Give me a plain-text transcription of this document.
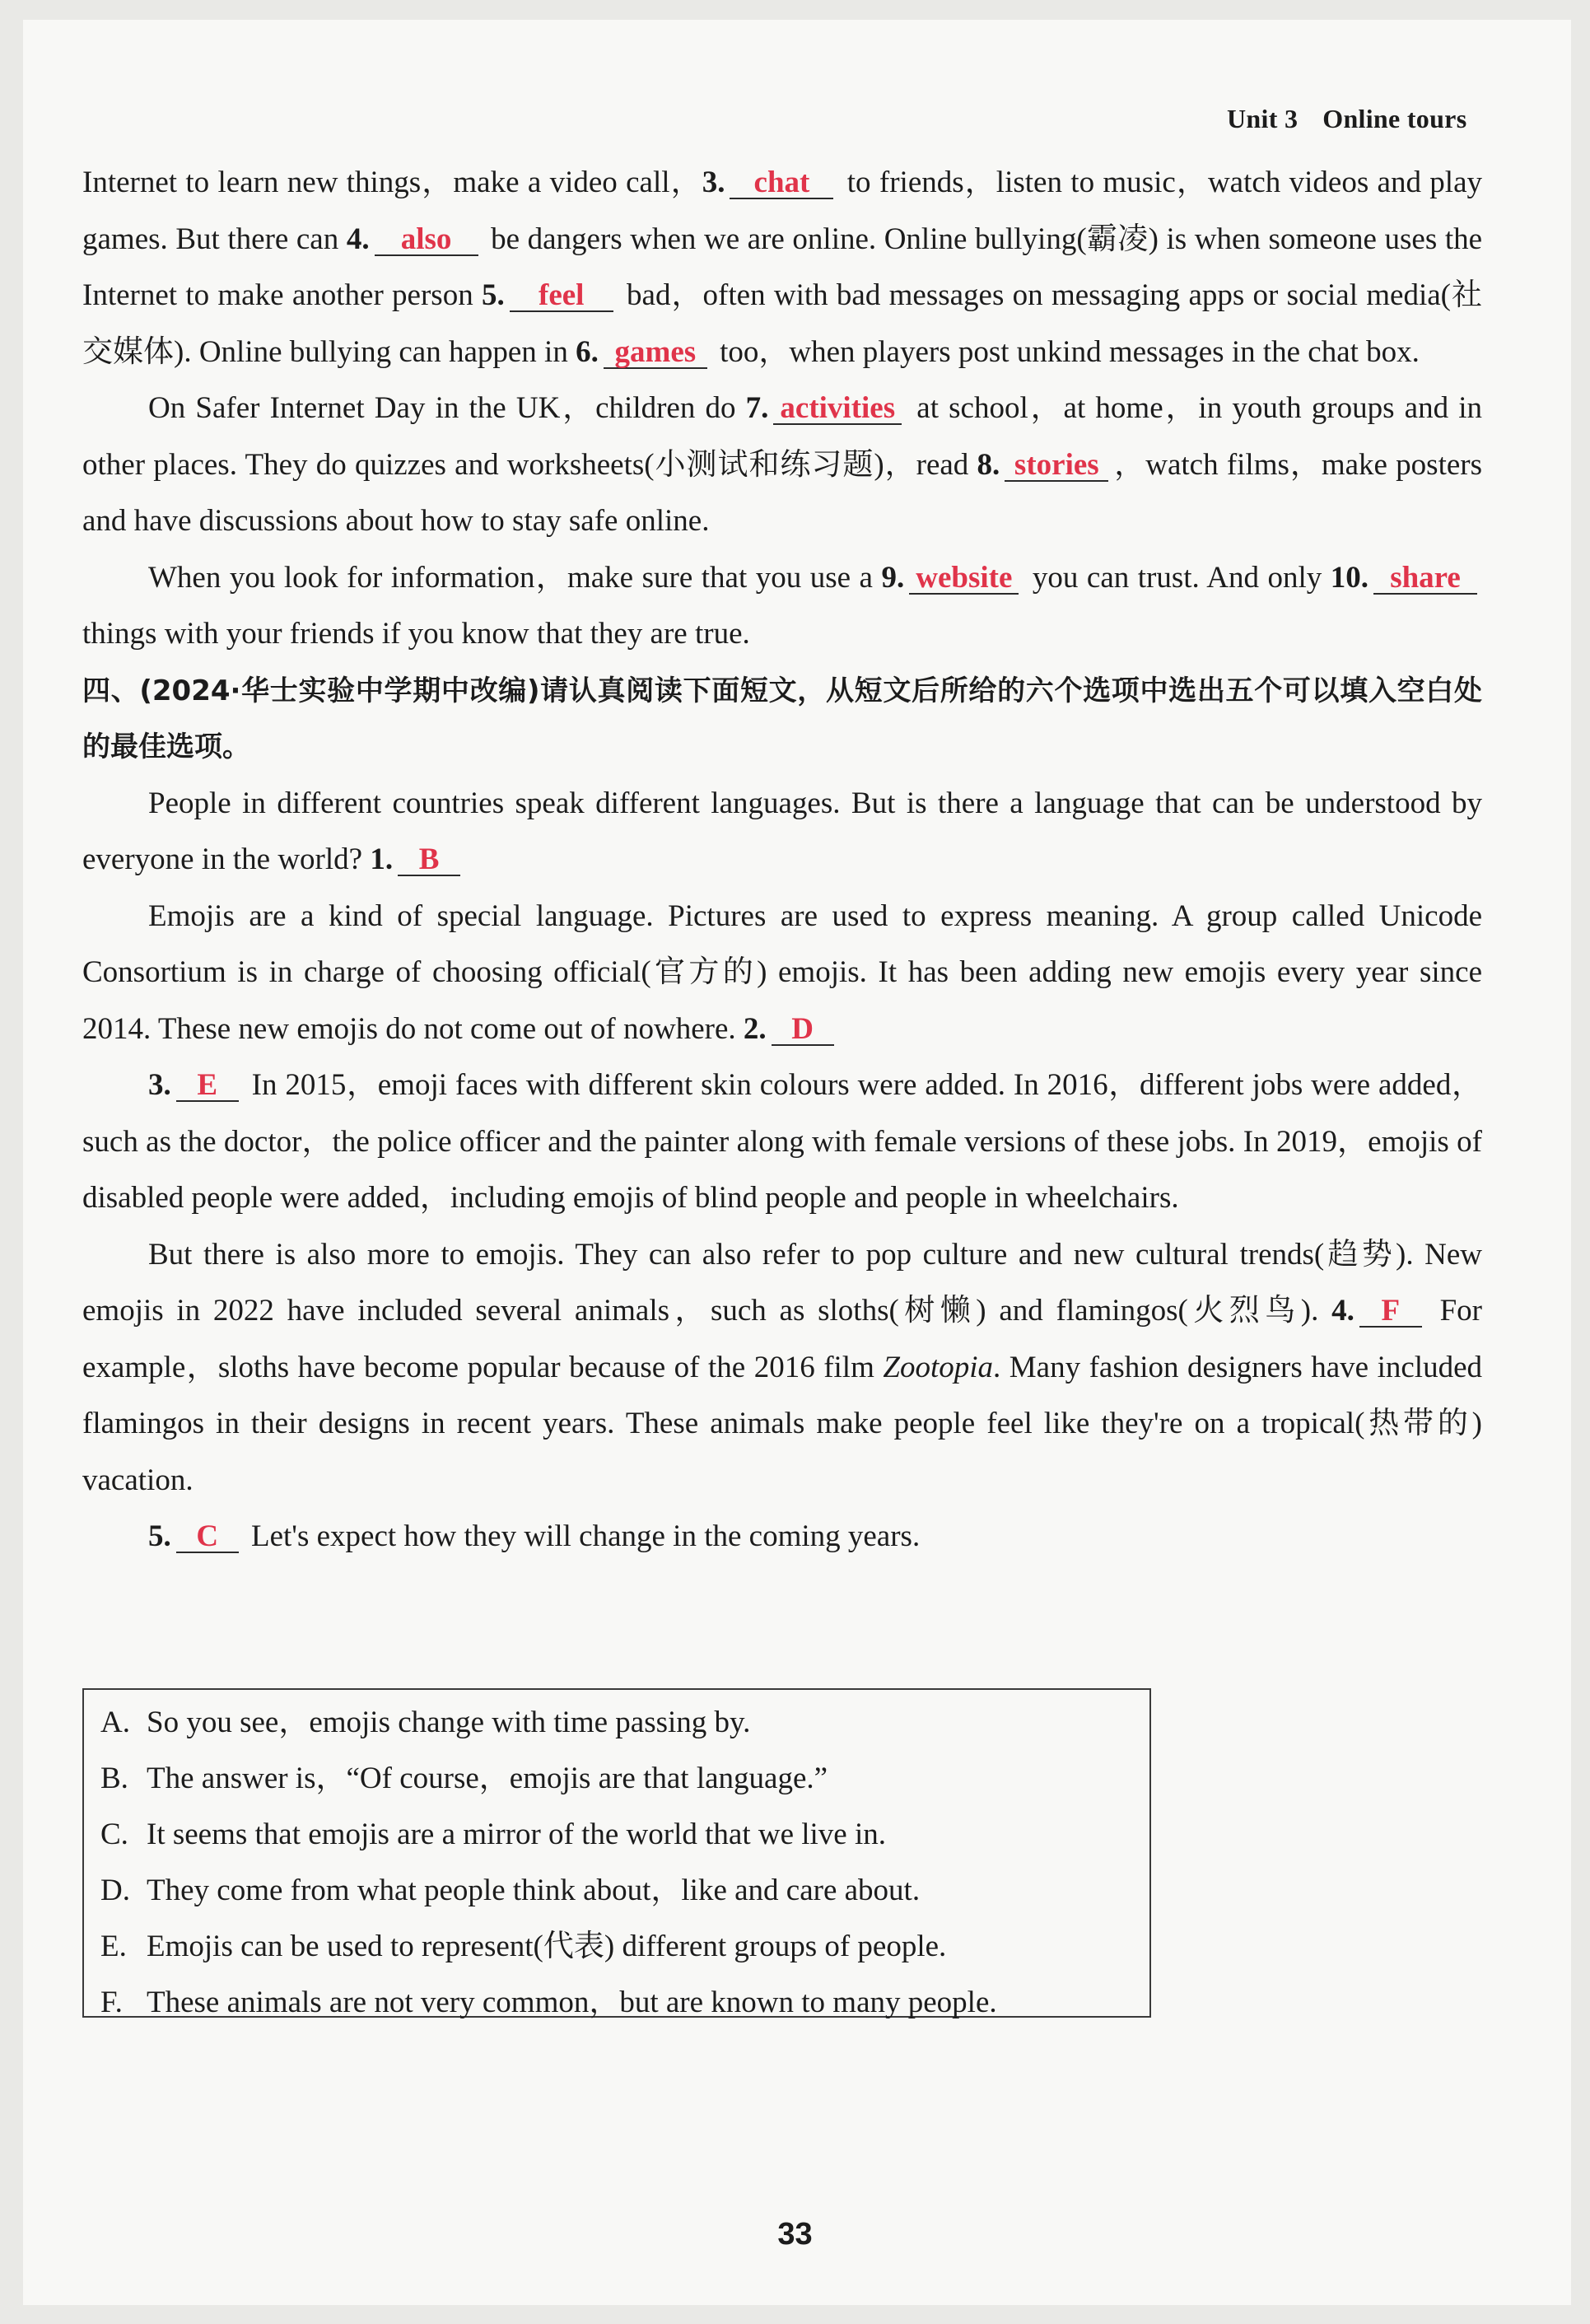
Unit 3 Online tours

Internet to learn new things，make a video call，3. chat to friends，listen to music，watch videos and play games. But there can 4. also be dangers when we are online. Online bullying(霸凌) is when someone uses the Internet to make another person 5. feel bad，often with bad messages on messaging apps or social media(社交媒体). Online bullying can happen in 6. games too，when players post unkind messages in the chat box.

On Safer Internet Day in the UK，children do 7. activities at school，at home，in youth groups and in other places. They do quizzes and worksheets(小测试和练习题)，read 8. stories ，watch films，make posters and have discussions about how to stay safe online.

When you look for information，make sure that you use a 9. website you can trust. And only 10. share things with your friends if you know that they are true.

四、(2024·华士实验中学期中改编)请认真阅读下面短文，从短文后所给的六个选项中选出五个可以填入空白处的最佳选项。

People in different countries speak different languages. But is there a language that can be understood by everyone in the world? 1. B

Emojis are a kind of special language. Pictures are used to express meaning. A group called Unicode Consortium is in charge of choosing official(官方的) emojis. It has been adding new emojis every year since 2014. These new emojis do not come out of nowhere. 2. D

3. E In 2015，emoji faces with different skin colours were added. In 2016，different jobs were added，such as the doctor，the police officer and the painter along with female versions of these jobs. In 2019，emojis of disabled people were added，including emojis of blind people and people in wheelchairs.

But there is also more to emojis. They can also refer to pop culture and new cultural trends(趋势). New emojis in 2022 have included several animals，such as sloths(树懒) and flamingos(火烈鸟). 4. F For example，sloths have become popular because of the 2016 film Zootopia. Many fashion designers have included flamingos in their designs in recent years. These animals make people feel like they're on a tropical(热带的) vacation.

5. C Let's expect how they will change in the coming years.

A. So you see，emojis change with time passing by.
B. The answer is，“Of course，emojis are that language.”
C. It seems that emojis are a mirror of the world that we live in.
D. They come from what people think about，like and care about.
E. Emojis can be used to represent(代表) different groups of people.
F. These animals are not very common，but are known to many people.
33
